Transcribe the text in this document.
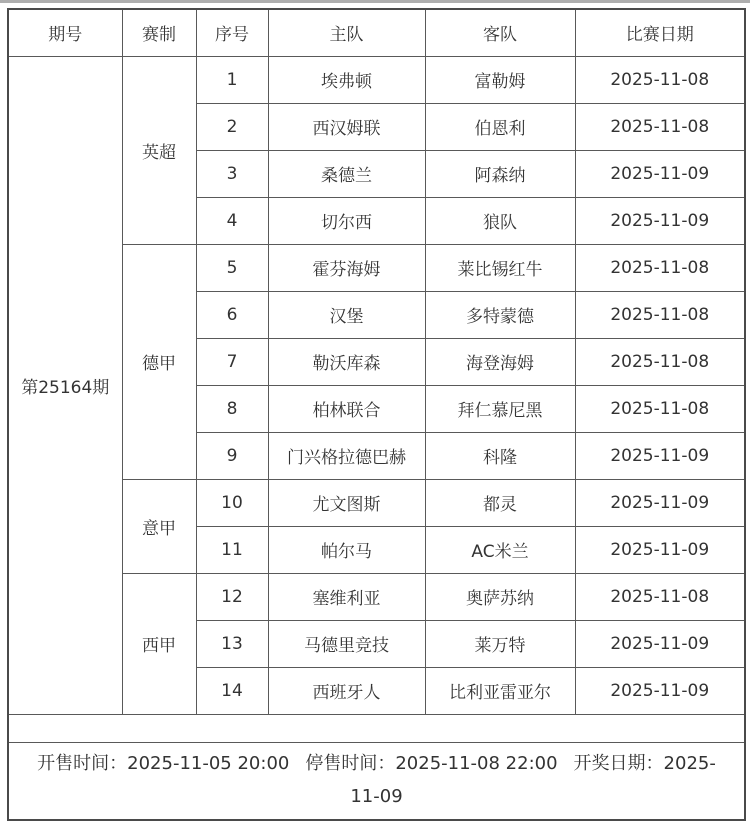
期号	赛制	序号	主队	客队	比赛日期
第25164期	英超	1	埃弗顿	富勒姆	2025-11-08
		2	西汉姆联	伯恩利	2025-11-08
		3	桑德兰	阿森纳	2025-11-09
		4	切尔西	狼队	2025-11-09
	德甲	5	霍芬海姆	莱比锡红牛	2025-11-08
		6	汉堡	多特蒙德	2025-11-08
		7	勒沃库森	海登海姆	2025-11-08
		8	柏林联合	拜仁慕尼黑	2025-11-08
		9	门兴格拉德巴赫	科隆	2025-11-09
	意甲	10	尤文图斯	都灵	2025-11-09
		11	帕尔马	AC米兰	2025-11-09
	西甲	12	塞维利亚	奥萨苏纳	2025-11-08
		13	马德里竞技	莱万特	2025-11-09
		14	西班牙人	比利亚雷亚尔	2025-11-09

开售时间：2025-11-05 20:00 停售时间：2025-11-08 22:00 开奖日期：2025-11-09					
